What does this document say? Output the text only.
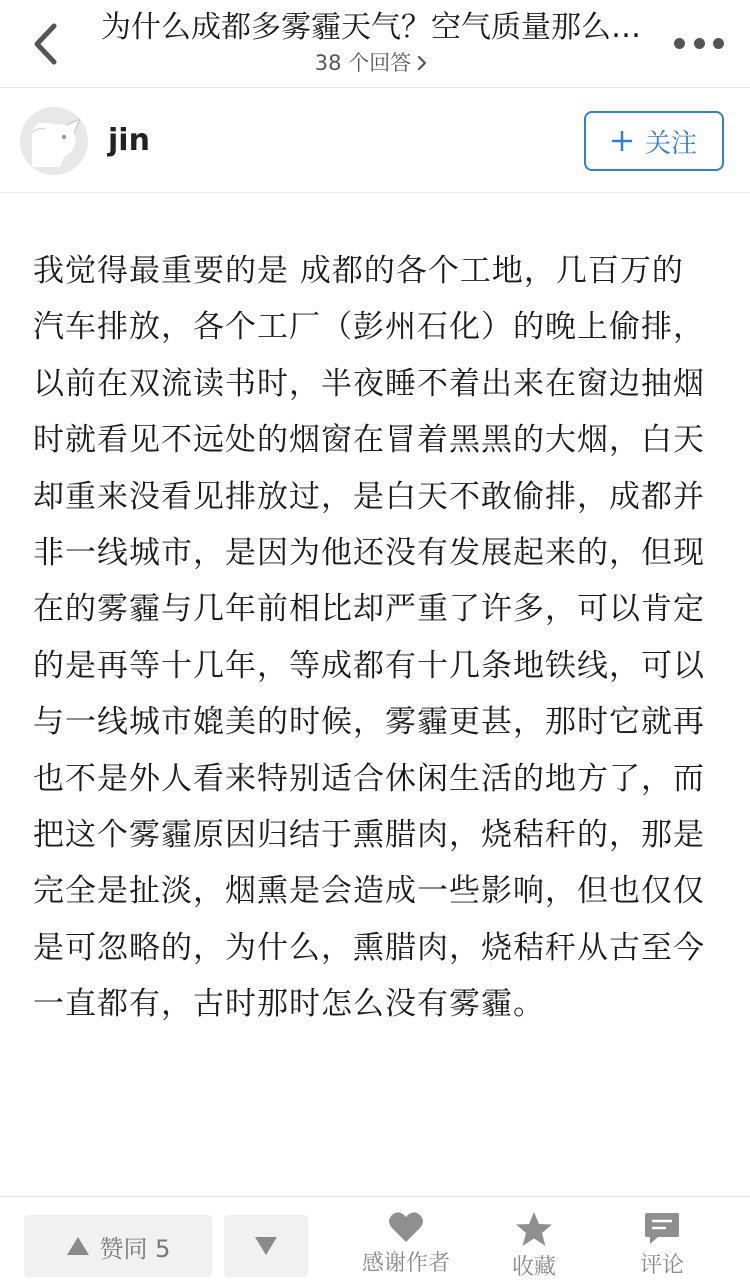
为什么成都多雾霾天气？空气质量那么…
38 个回答
jin	关注
我觉得最重要的是 成都的各个工地，几百万的汽车排放，各个工厂（彭州石化）的晚上偷排，以前在双流读书时，半夜睡不着出来在窗边抽烟时就看见不远处的烟窗在冒着黑黑的大烟，白天却重来没看见排放过，是白天不敢偷排，成都并非一线城市，是因为他还没有发展起来的，但现在的雾霾与几年前相比却严重了许多，可以肯定的是再等十几年，等成都有十几条地铁线，可以与一线城市媲美的时候，雾霾更甚，那时它就再也不是外人看来特别适合休闲生活的地方了，而把这个雾霾原因归结于熏腊肉，烧秸秆的，那是完全是扯淡，烟熏是会造成一些影响，但也仅仅是可忽略的，为什么，熏腊肉，烧秸秆从古至今一直都有，古时那时怎么没有雾霾。
赞同 5
感谢作者	收藏	评论
